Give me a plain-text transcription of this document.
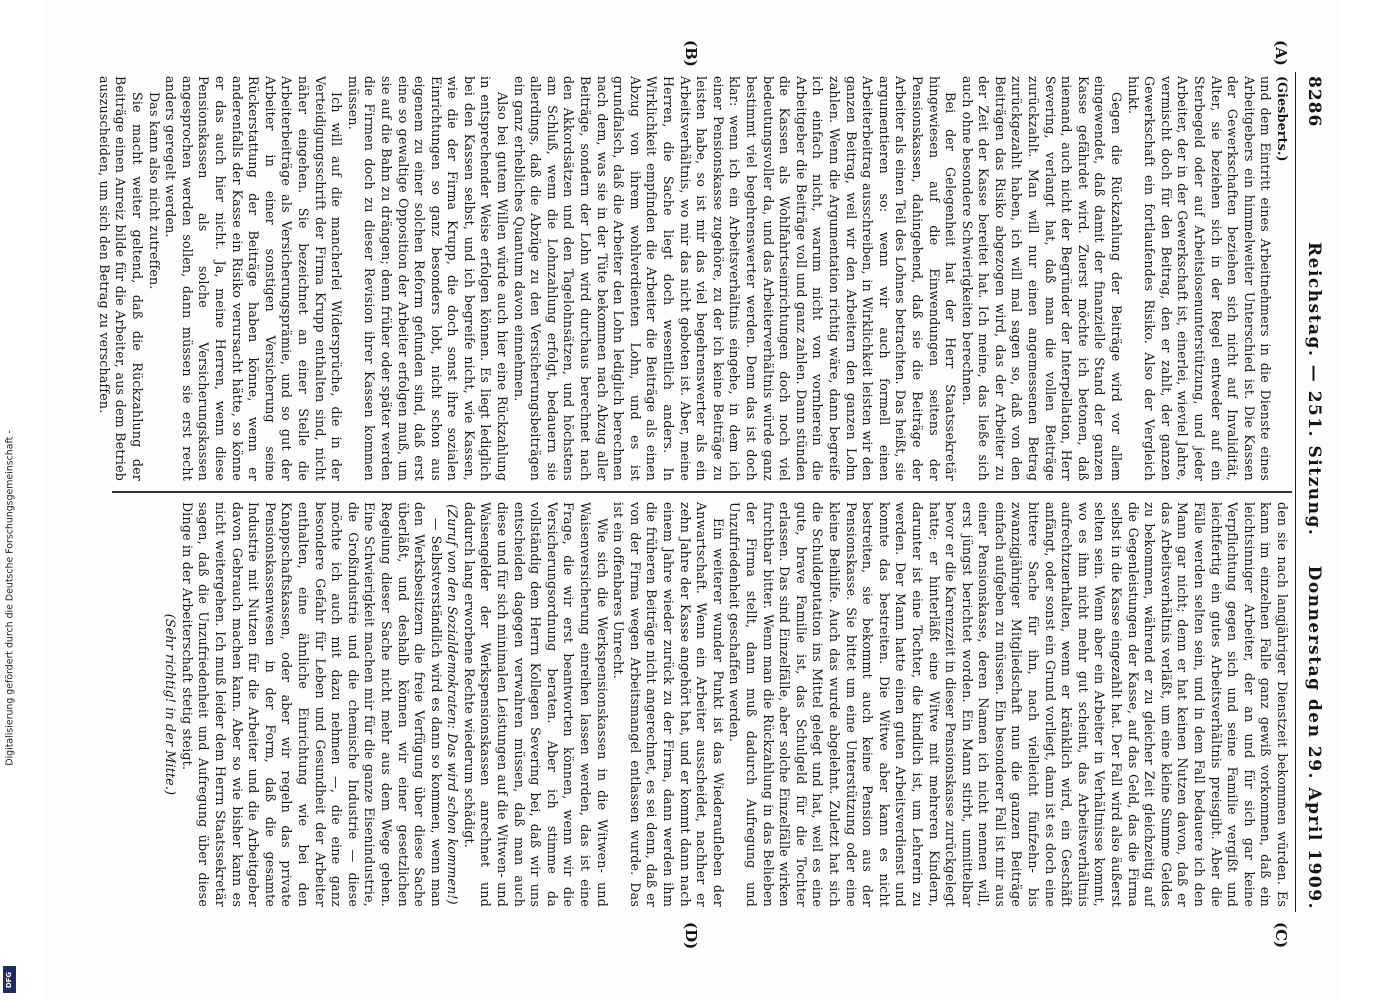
Digitalisierung gefördert durch die Deutsche Forschungsgemeinschaft -
DFG
8286
Reichstag. — 251. Sitzung.
Donnerstag den 29. April 1909.
(A)
(B)
(C)
(D)

(Giesberts.)

und dem Eintritt eines Arbeitnehmers in die Dienste eines Arbeitgebers ein himmelweiter Unterschied ist. Die Kassen der Gewerkschaften beziehen sich nicht auf Invalidität, Alter, sie beziehen sich in der Regel entweder auf ein Sterbegeld oder auf Arbeitslosenunterstützung, und jeder Arbeiter, der in der Gewerkschaft ist, einerlei, wieviel Jahre, vermischt doch für den Beitrag, den er zahlt, der ganzen Gewerkschaft ein fortlaufendes Risiko. Also der Vergleich hinkt.

Gegen die Rückzahlung der Beiträge wird vor allem eingewendet, daß damit der finanzielle Stand der ganzen Kasse gefährdet wird. Zuerst möchte ich betonen, daß niemand, auch nicht der Begründer der Interpellation, Herr Severing, verlangt hat, daß man die vollen Beiträge zurückzahlt. Man will nur einen angemessenen Betrag zurückgezahlt haben, ich will mal sagen so, daß von den Beiträgen das Risiko abgezogen wird, das der Arbeiter zu der Zeit der Kasse bereitet hat. Ich meine, das ließe sich auch ohne besondere Schwierigkeiten berechnen.

Bei der Gelegenheit hat der Herr Staatssekretär hingewiesen auf die Einwendungen seitens der Pensionskassen, dahingehend, daß sie die Beiträge der Arbeiter als einen Teil des Lohnes betrachten. Das heißt, sie argumentieren so: wenn wir auch formell einen Arbeiterbeitrag ausschreiben, in Wirklichkeit leisten wir den ganzen Beitrag, weil wir den Arbeitern den ganzen Lohn zahlen. Wenn die Argumentation richtig wäre, dann begreife ich einfach nicht, warum nicht von vornherein die Arbeitgeber die Beiträge voll und ganz zahlen. Dann stünden die Kassen als Wohlfahrtseinrichtungen doch noch viel bedeutungsvoller da, und das Arbeiterverhältnis würde ganz bestimmt viel begehrenswerter werden. Denn das ist doch klar: wenn ich ein Arbeitsverhältnis eingehe, in dem ich einer Pensionskasse zugehöre, zu der ich keine Beiträge zu leisten habe, so ist mir das viel begehrenswerter als ein Arbeitsverhältnis, wo mir das nicht geboten ist. Aber, meine Herren, die Sache liegt doch wesentlich anders. In Wirklichkeit empfinden die Arbeiter die Beiträge als einen Abzug von ihrem wohlverdienten Lohn, und es ist grundfalsch, daß die Arbeiter den Lohn lediglich berechnen nach dem, was sie in der Tüte bekommen nach Abzug aller Beiträge, sondern der Lohn wird durchaus berechnet nach den Akkordsätzen und den Tagelohnsätzen, und höchstens am Schluß, wenn die Lohnzahlung erfolgt, bedauern sie allerdings, daß die Abzüge zu den Versicherungsbeiträgen ein ganz erhebliches Quantum davon einnehmen.

Also bei gutem Willen würde auch hier eine Rückzahlung in entsprechender Weise erfolgen können. Es liegt lediglich bei den Kassen selbst, und ich begreife nicht, wie Kassen, wie die der Firma Krupp, die doch sonst ihre sozialen Einrichtungen so ganz besonders lobt, nicht schon aus eigenem zu einer solchen Reform gefunden sind, daß erst eine so gewaltige Opposition der Arbeiter erfolgen muß, um sie auf die Bahn zu drängen; denn früher oder später werden die Firmen doch zu dieser Revision ihrer Kassen kommen müssen.

Ich will auf die mancherlei Widersprüche, die in der Verteidigungsschrift der Firma Krupp enthalten sind, nicht näher eingehen. Sie bezeichnet an einer Stelle die Arbeiterbeiträge als Versicherungsprämie, und so gut der Arbeiter in einer sonstigen Versicherung seine Rückerstattung der Beiträge haben könne, wenn er anderenfalls der Kasse ein Risiko verursacht hätte, so könne er das auch hier nicht. Ja, meine Herren, wenn diese Pensionskassen als solche Versicherungskassen angesprochen werden sollen, dann müssen sie erst recht anders geregelt werden.

Das kann also nicht zutreffen.

Sie macht weiter geltend, daß die Rückzahlung der Beiträge einen Anreiz bilde für die Arbeiter, aus dem Betrieb auszuscheiden, um sich den Betrag zu verschaffen.

den sie nach langjähriger Dienstzeit bekommen würden. Es kann im einzelnen Falle ganz gewiß vorkommen, daß ein leichtsinniger Arbeiter, der an und für sich gar keine Verpflichtung gegen sich und seine Familie vergißt und leichtfertig ein gutes Arbeitsverhältnis preisgibt. Aber die Fälle werden selten sein, und in dem Fall bedauere ich den Mann gar nicht; denn er hat keinen Nutzen davon, daß er das Arbeitsverhältnis verläßt, um eine kleine Summe Geldes zu bekommen, während er zu gleicher Zeit gleichzeitig auf die Gegenleistungen der Kasse, auf das Geld, das die Firma selbst in die Kasse eingezahlt hat. Der Fall wird also äußerst selten sein. Wenn aber ein Arbeiter in Verhältnisse kommt, wo es ihm nicht mehr gut scheint, das Arbeitsverhältnis aufrechtzuerhalten, wenn er kränklich wird, ein Geschäft anfängt, oder sonst ein Grund vorliegt, dann ist es doch eine bittere Sache für ihn, nach vielleicht fünfzehn- bis zwanzigjähriger Mitgliedschaft nun die ganzen Beiträge einfach aufgeben zu müssen. Ein besonderer Fall ist mir aus einer Pensionskasse, deren Namen ich nicht nennen will, erst jüngst berichtet worden. Ein Mann stirbt, unmittelbar bevor er die Karenzzeit in dieser Pensionskasse zurückgelegt hatte; er hinterläßt eine Witwe mit mehreren Kindern, darunter ist eine Tochter, die kindlich ist, um Lehrerin zu werden. Der Mann hatte einen guten Arbeitsverdienst und konnte das bestreiten. Die Witwe aber kann es nicht bestreiten, sie bekommt auch keine Pension aus der Pensionskasse. Sie bittet um eine Unterstützung oder eine kleine Beihilfe. Auch das wurde abgelehnt. Zuletzt hat sich die Schuldeputation ins Mittel gelegt und hat, weil es eine gute, brave Familie ist, das Schulgeld für die Tochter erlassen. Das sind Einzelfälle, aber solche Einzelfälle wirken furchtbar bitter. Wenn man die Rückzahlung in das Belieben der Firma stellt, dann muß dadurch Aufregung und Unzufriedenheit geschaffen werden.

Ein weiterer wunder Punkt ist das Wiederaufleben der Anwartschaft. Wenn ein Arbeiter ausscheidet, nachher er zehn Jahre der Kasse angehört hat, und er kommt dann nach einem Jahre wieder zurück zu der Firma, dann werden ihm die früheren Beiträge nicht angerechnet, es sei denn, daß er von der Firma wegen Arbeitsmangel entlassen wurde. Das ist ein offenbares Unrecht.

Wie sich die Werkspensionskassen in die Witwen- und Waisenversicherung einreihen lassen werden, das ist eine Frage, die wir erst beantworten können, wenn wir die Versicherungsordnung beraten. Aber ich stimme da vollständig dem Herrn Kollegen Severing bei, daß wir uns entscheiden dagegen verwahren müssen, daß man auch diese und für sich minimalen Leistungen auf die Witwen- und Waisengelder der Werkspensionskassen anrechnet und dadurch lang erworbene Rechte wiederum schädigt.

(Zuruf von den Sozialdemokraten: Das wird schon kommen!)

— Selbstverständlich wird es dann so kommen, wenn man den Werksbesitzern die freie Verfügung über diese Sache überläßt, und deshalb können wir einer gesetzlichen Regelung dieser Sache nicht mehr aus dem Wege gehen. Eine Schwierigkeit machen mir für die ganze Eisenindustrie, die Großindustrie und die chemische Industrie — diese möchte ich auch mit dazu nehmen —, die eine ganz besondere Gefahr für Leben und Gesundheit der Arbeiter enthalten, eine ähnliche Einrichtung wie bei den Knappschaftskassen, oder aber wir regeln das private Pensionskassenwesen in der Form, daß die gesamte Industrie mit Nutzen für die Arbeiter und die Arbeitgeber davon Gebrauch machen kann. Aber so wie bisher kann es nicht weitergehen. Ich muß leider dem Herrn Staatssekretär sagen, daß die Unzufriedenheit und Aufregung über diese Dinge in der Arbeiterschaft stetig steigt.

(Sehr richtig! in der Mitte.)
